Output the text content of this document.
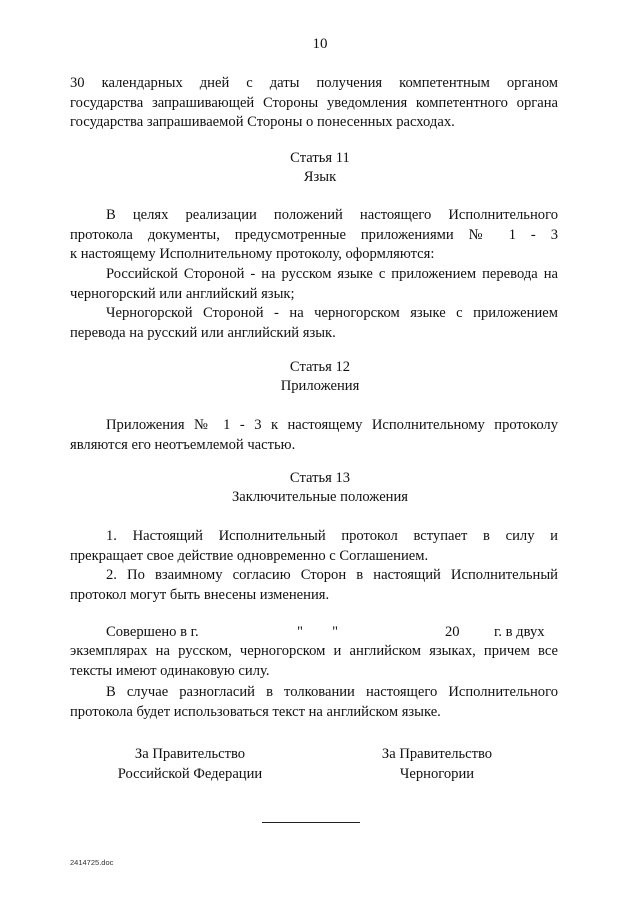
10
30 календарных дней с даты получения компетентным органом
государства запрашивающей Стороны уведомления компетентного органа
государства запрашиваемой Стороны о понесенных расходах.
Статья 11
Язык
В целях реализации положений настоящего Исполнительного
протокола документы, предусмотренные приложениями № 1 - 3
к настоящему Исполнительному протоколу, оформляются:
Российской Стороной - на русском языке с приложением перевода на
черногорский или английский язык;
Черногорской Стороной - на черногорском языке с приложением
перевода на русский или английский язык.
Статья 12
Приложения
Приложения № 1 - 3 к настоящему Исполнительному протоколу
являются его неотъемлемой частью.
Статья 13
Заключительные положения
1. Настоящий Исполнительный протокол вступает в силу и
прекращает свое действие одновременно с Соглашением.
2. По взаимному согласию Сторон в настоящий Исполнительный
протокол могут быть внесены изменения.
Совершено в г.	"        "	20 г. в двух
экземплярах на русском, черногорском и английском языках, причем все
тексты имеют одинаковую силу.
В случае разногласий в толковании настоящего Исполнительного
протокола будет использоваться текст на английском языке.
За Правительство
Российской Федерации
За Правительство
Черногории
2414725.doc
